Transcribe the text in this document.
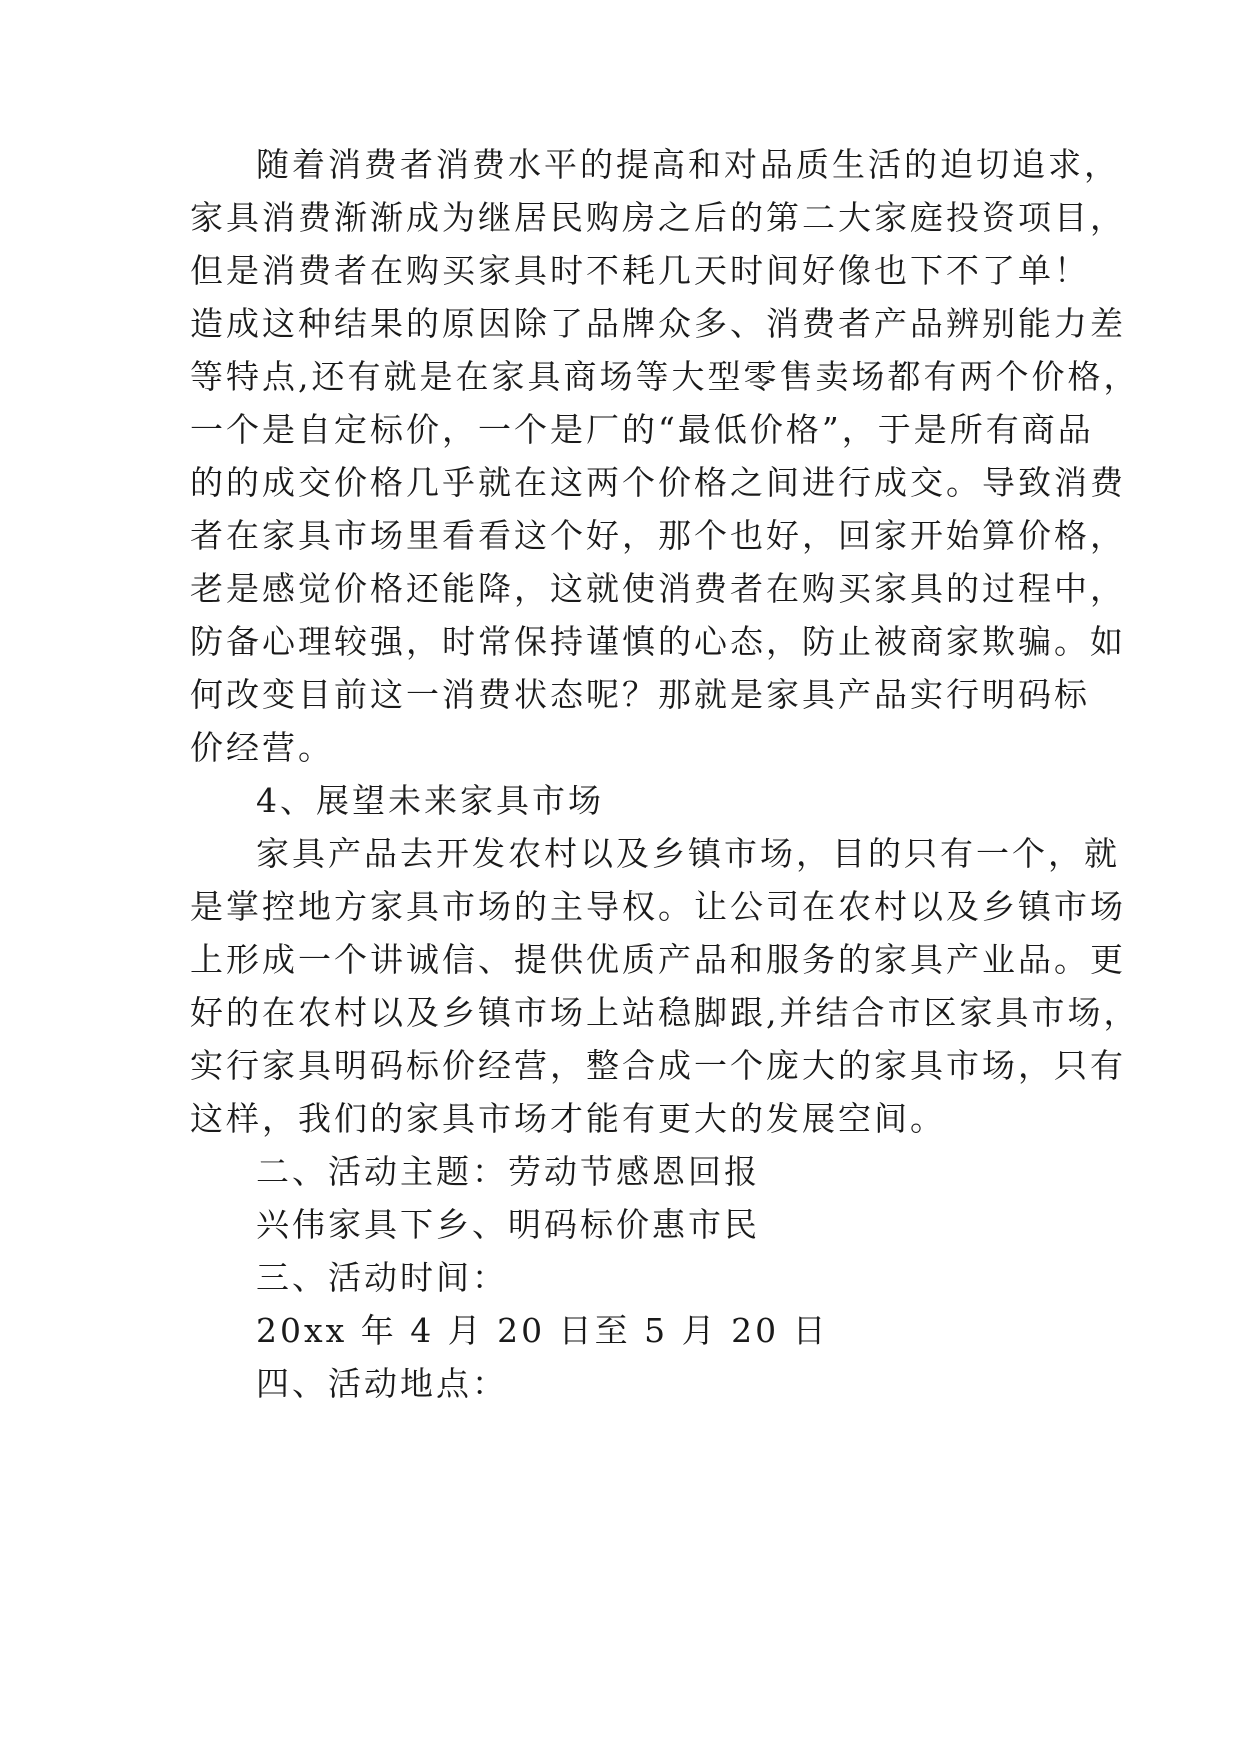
随着消费者消费水平的提高和对品质生活的迫切追求，
家具消费渐渐成为继居民购房之后的第二大家庭投资项目，
但是消费者在购买家具时不耗几天时间好像也下不了单！
造成这种结果的原因除了品牌众多、消费者产品辨别能力差
等特点,还有就是在家具商场等大型零售卖场都有两个价格，
一个是自定标价，一个是厂的“最低价格”，于是所有商品
的的成交价格几乎就在这两个价格之间进行成交。导致消费
者在家具市场里看看这个好，那个也好，回家开始算价格，
老是感觉价格还能降，这就使消费者在购买家具的过程中，
防备心理较强，时常保持谨慎的心态，防止被商家欺骗。如
何改变目前这一消费状态呢？那就是家具产品实行明码标
价经营。
4、展望未来家具市场
家具产品去开发农村以及乡镇市场，目的只有一个，就
是掌控地方家具市场的主导权。让公司在农村以及乡镇市场
上形成一个讲诚信、提供优质产品和服务的家具产业品。更
好的在农村以及乡镇市场上站稳脚跟,并结合市区家具市场，
实行家具明码标价经营，整合成一个庞大的家具市场，只有
这样，我们的家具市场才能有更大的发展空间。
二、活动主题：劳动节感恩回报
兴伟家具下乡、明码标价惠市民
三、活动时间：
20xx 年 4 月 20 日至 5 月 20 日
四、活动地点：
